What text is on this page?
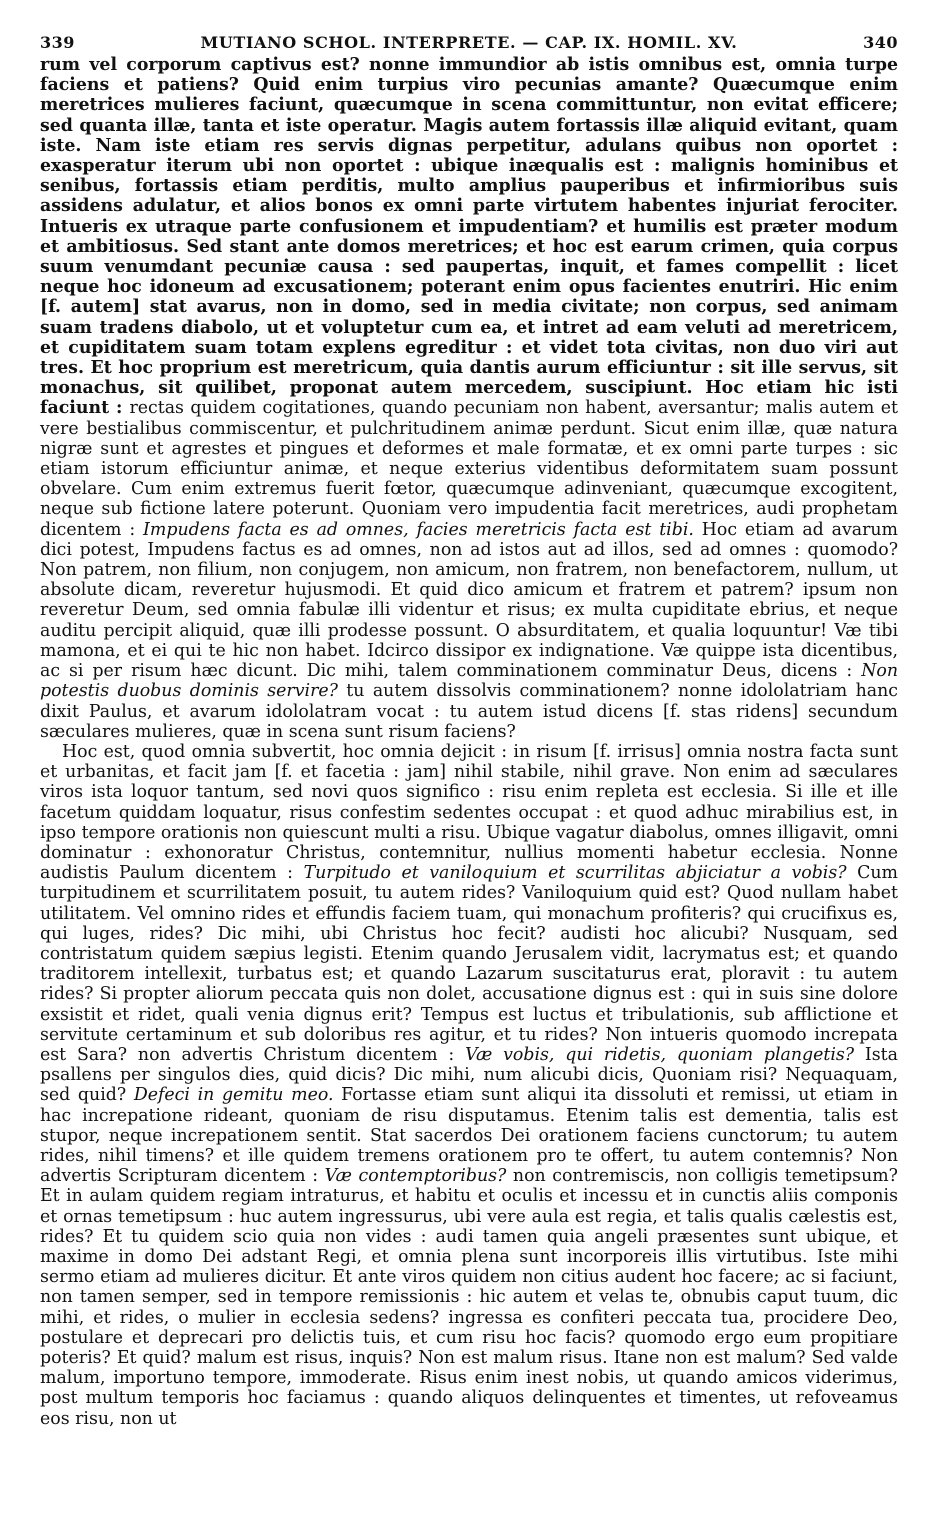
339	MUTIANO SCHOL. INTERPRETE. — CAP. IX. HOMIL. XV.	340

rum vel corporum captivus est? nonne immundior ab istis omnibus est, omnia turpe faciens et patiens? Quid enim turpius viro pecunias amante? Quæcumque enim meretrices mulieres faciunt, quæcumque in scena committuntur, non evitat efficere; sed quanta illæ, tanta et iste operatur. Magis autem fortassis illæ aliquid evitant, quam iste. Nam iste etiam res servis dignas perpetitur, adulans quibus non oportet : exasperatur iterum ubi non oportet : ubique inæqualis est : malignis hominibus et senibus, fortassis etiam perditis, multo amplius pauperibus et infirmioribus suis assidens adulatur, et alios bonos ex omni parte virtutem habentes injuriat ferociter. Intueris ex utraque parte confusionem et impudentiam? et humilis est præter modum et ambitiosus. Sed stant ante domos meretrices; et hoc est earum crimen, quia corpus suum venumdant pecuniæ causa : sed paupertas, inquit, et fames compellit : licet neque hoc idoneum ad excusationem; poterant enim opus facientes enutriri. Hic enim [f. autem] stat avarus, non in domo, sed in media civitate; non corpus, sed animam suam tradens diabolo, ut et voluptetur cum ea, et intret ad eam veluti ad meretricem, et cupiditatem suam totam explens egreditur : et videt tota civitas, non duo viri aut tres. Et hoc proprium est meretricum, quia dantis aurum efficiuntur : sit ille servus, sit monachus, sit quilibet, proponat autem mercedem, suscipiunt. Hoc etiam hic isti faciunt : rectas quidem cogitationes, quando pecuniam non habent, aversantur; malis autem et vere bestialibus commiscentur, et pulchritudinem animæ perdunt. Sicut enim illæ, quæ natura nigræ sunt et agrestes et pingues et deformes et male formatæ, et ex omni parte turpes : sic etiam istorum efficiuntur animæ, et neque exterius videntibus deformitatem suam possunt obvelare. Cum enim extremus fuerit fœtor, quæcumque adinveniant, quæcumque excogitent, neque sub fictione latere poterunt. Quoniam vero impudentia facit meretrices, audi prophetam dicentem : Impudens facta es ad omnes, facies meretricis facta est tibi. Hoc etiam ad avarum dici potest, Impudens factus es ad omnes, non ad istos aut ad illos, sed ad omnes : quomodo? Non patrem, non filium, non conjugem, non amicum, non fratrem, non benefactorem, nullum, ut absolute dicam, reveretur hujusmodi. Et quid dico amicum et fratrem et patrem? ipsum non reveretur Deum, sed omnia fabulæ illi videntur et risus; ex multa cupiditate ebrius, et neque auditu percipit aliquid, quæ illi prodesse possunt. O absurditatem, et qualia loquuntur! Væ tibi mamona, et ei qui te hic non habet. Idcirco dissipor ex indignatione. Væ quippe ista dicentibus, ac si per risum hæc dicunt. Dic mihi, talem comminationem comminatur Deus, dicens : Non potestis duobus dominis servire? tu autem dissolvis comminationem? nonne idololatriam hanc dixit Paulus, et avarum idololatram vocat : tu autem istud dicens [f. stas ridens] secundum sæculares mulieres, quæ in scena sunt risum faciens?

Hoc est, quod omnia subvertit, hoc omnia dejicit : in risum [f. irrisus] omnia nostra facta sunt et urbanitas, et facit jam [f. et facetia : jam] nihil stabile, nihil grave. Non enim ad sæculares viros ista loquor tantum, sed novi quos significo : risu enim repleta est ecclesia. Si ille et ille facetum quiddam loquatur, risus confestim sedentes occupat : et quod adhuc mirabilius est, in ipso tempore orationis non quiescunt multi a risu. Ubique vagatur diabolus, omnes illigavit, omni dominatur : exhonoratur Christus, contemnitur, nullius momenti habetur ecclesia. Nonne audistis Paulum dicentem : Turpitudo et vaniloquium et scurrilitas abjiciatur a vobis? Cum turpitudinem et scurrilitatem posuit, tu autem rides? Vaniloquium quid est? Quod nullam habet utilitatem. Vel omnino rides et effundis faciem tuam, qui monachum profiteris? qui crucifixus es, qui luges, rides? Dic mihi, ubi Christus hoc fecit? audisti hoc alicubi? Nusquam, sed contristatum quidem sæpius legisti. Etenim quando Jerusalem vidit, lacrymatus est; et quando traditorem intellexit, turbatus est; et quando Lazarum suscitaturus erat, ploravit : tu autem rides? Si propter aliorum peccata quis non dolet, accusatione dignus est : qui in suis sine dolore exsistit et ridet, quali venia dignus erit? Tempus est luctus et tribulationis, sub afflictione et servitute certaminum et sub doloribus res agitur, et tu rides? Non intueris quomodo increpata est Sara? non advertis Christum dicentem : Væ vobis, qui ridetis, quoniam plangetis? Ista psallens per singulos dies, quid dicis? Dic mihi, num alicubi dicis, Quoniam risi? Nequaquam, sed quid? Defeci in gemitu meo. Fortasse etiam sunt aliqui ita dissoluti et remissi, ut etiam in hac increpatione rideant, quoniam de risu disputamus. Etenim talis est dementia, talis est stupor, neque increpationem sentit. Stat sacerdos Dei orationem faciens cunctorum; tu autem rides, nihil timens? et ille quidem tremens orationem pro te offert, tu autem contemnis? Non advertis Scripturam dicentem : Væ contemptoribus? non contremiscis, non colligis temetipsum? Et in aulam quidem regiam intraturus, et habitu et oculis et incessu et in cunctis aliis componis et ornas temetipsum : huc autem ingressurus, ubi vere aula est regia, et talis qualis cælestis est, rides? Et tu quidem scio quia non vides : audi tamen quia angeli præsentes sunt ubique, et maxime in domo Dei adstant Regi, et omnia plena sunt incorporeis illis virtutibus. Iste mihi sermo etiam ad mulieres dicitur. Et ante viros quidem non citius audent hoc facere; ac si faciunt, non tamen semper, sed in tempore remissionis : hic autem et velas te, obnubis caput tuum, dic mihi, et rides, o mulier in ecclesia sedens? ingressa es confiteri peccata tua, procidere Deo, postulare et deprecari pro delictis tuis, et cum risu hoc facis? quomodo ergo eum propitiare poteris? Et quid? malum est risus, inquis? Non est malum risus. Itane non est malum? Sed valde malum, importuno tempore, immoderate. Risus enim inest nobis, ut quando amicos viderimus, post multum temporis hoc faciamus : quando aliquos delinquentes et timentes, ut refoveamus eos risu, non ut
